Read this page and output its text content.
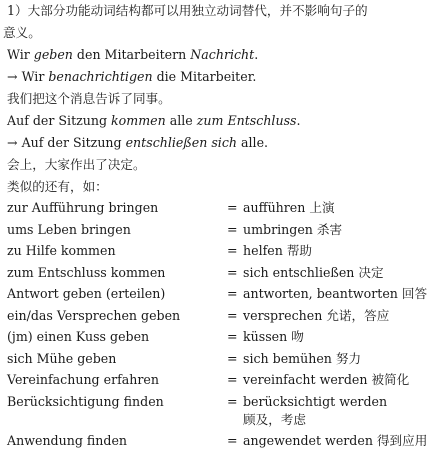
1）大部分功能动词结构都可以用独立动词替代，并不影响句子的
意义。
Wir geben den Mitarbeitern Nachricht.
→ Wir benachrichtigen die Mitarbeiter.
我们把这个消息告诉了同事。
Auf der Sitzung kommen alle zum Entschluss.
→ Auf der Sitzung entschließen sich alle.
会上，大家作出了决定。
类似的还有，如：
zur Aufführung bringen	= aufführen 上演
ums Leben bringen	= umbringen 杀害
zu Hilfe kommen	= helfen 帮助
zum Entschluss kommen	= sich entschließen 决定
Antwort geben (erteilen)	= antworten, beantworten 回答
ein/das Versprechen geben	= versprechen 允诺，答应
(jm) einen Kuss geben	= küssen 吻
sich Mühe geben	= sich bemühen 努力
Vereinfachung erfahren	= vereinfacht werden 被简化
Berücksichtigung finden	= berücksichtigt werden
顾及，考虑
Anwendung finden	= angewendet werden 得到应用
